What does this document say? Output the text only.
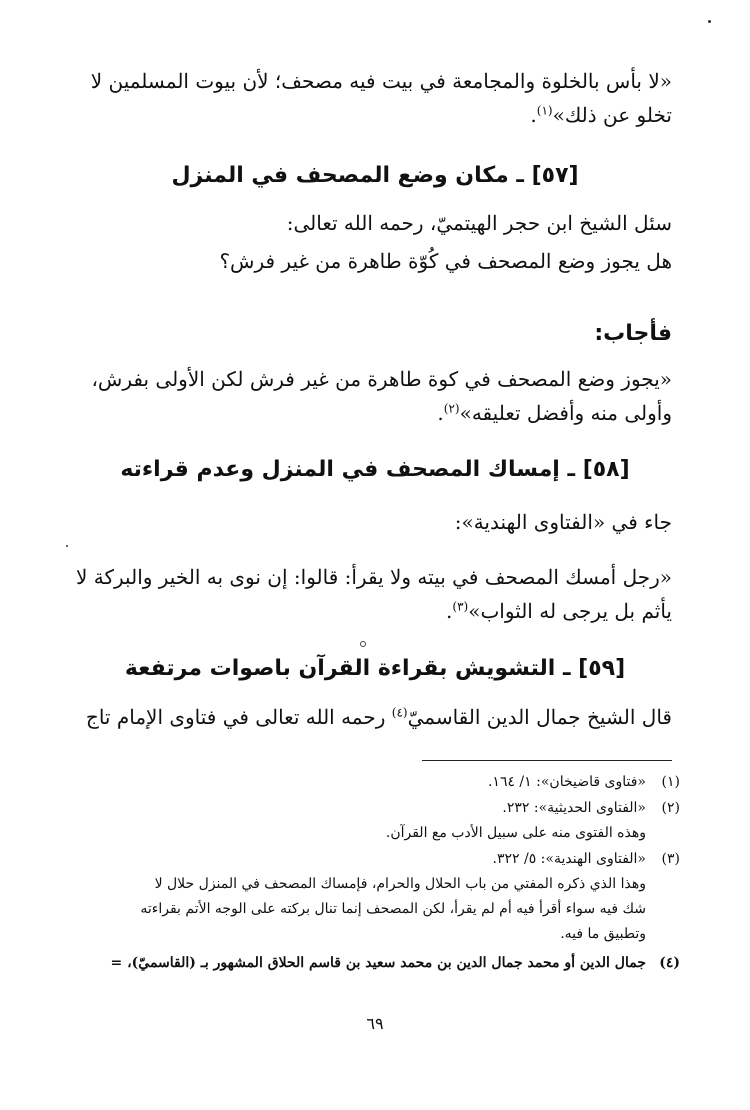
«لا بأس بالخلوة والمجامعة في بيت فيه مصحف؛ لأن بيوت المسلمين لا
تخلو عن ذلك»$^{(١)}$.

[٥٧] ـ مكان وضع المصحف في المنزل

سئل الشيخ ابن حجر الهيتميّ، رحمه الله تعالى:
هل يجوز وضع المصحف في كُوّة طاهرة من غير فرش؟

فأجاب:

«يجوز وضع المصحف في كوة طاهرة من غير فرش لكن الأولى بفرش،
وأولى منه وأفضل تعليقه»$^{(٢)}$.

[٥٨] ـ إمساك المصحف في المنزل وعدم قراءته

جاء في «الفتاوى الهندية»:

«رجل أمسك المصحف في بيته ولا يقرأ: قالوا: إن نوى به الخير والبركة لا
يأثم بل يرجى له الثواب»$^{(٣)}$.

[٥٩] ـ التشويش بقراءة القرآن باصوات مرتفعة

قال الشيخ جمال الدين القاسميّ$^{(٤)}$ رحمه الله تعالى في فتاوى الإمام تاج

(١)«فتاوى قاضيخان»: ١/ ١٦٤.

(٢)«الفتاوى الحديثية»: ٢٣٢.

وهذه الفتوى منه على سبيل الأدب مع القرآن.

(٣)«الفتاوى الهندية»: ٥/ ٣٢٢.

وهذا الذي ذكره المفتي من باب الحلال والحرام، فإمساك المصحف في المنزل حلال لا

شك فيه سواء أقرأ فيه أم لم يقرأ، لكن المصحف إنما تنال بركته على الوجه الأتم بقراءته

وتطبيق ما فيه.

(٤)جمال الدين أو محمد جمال الدين بن محمد سعيد بن قاسم الحلاق المشهور بـ (القاسميّ)، =

٦٩
